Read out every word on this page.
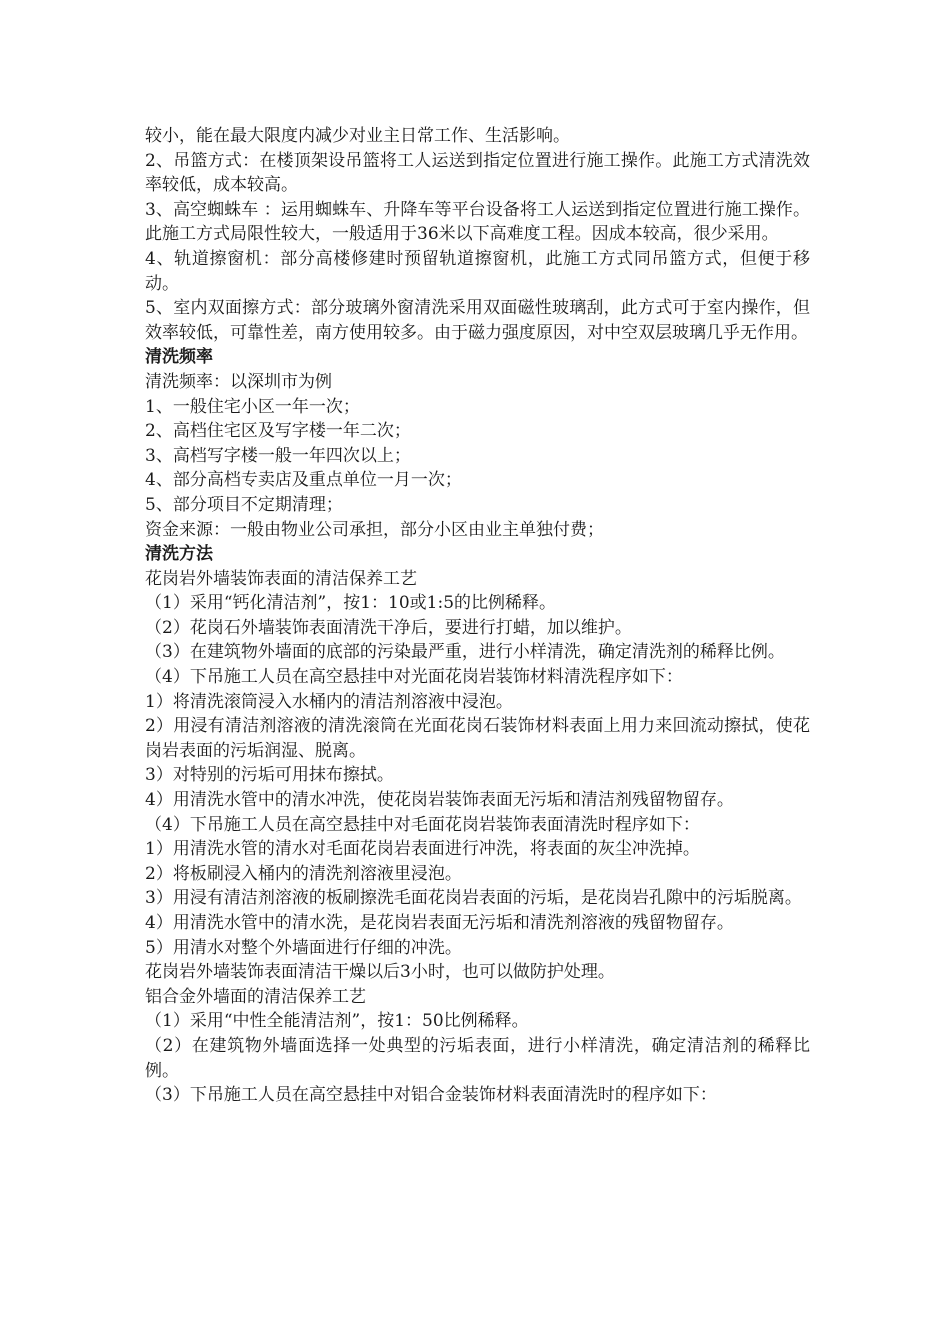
较小，能在最大限度内减少对业主日常工作、生活影响。

2、吊篮方式：在楼顶架设吊篮将工人运送到指定位置进行施工操作。此施工方式清洗效率较低，成本较高。

3、高空蜘蛛车 ：运用蜘蛛车、升降车等平台设备将工人运送到指定位置进行施工操作。此施工方式局限性较大，一般适用于36米以下高难度工程。因成本较高，很少采用。

4、轨道擦窗机：部分高楼修建时预留轨道擦窗机，此施工方式同吊篮方式，但便于移动。

5、室内双面擦方式：部分玻璃外窗清洗采用双面磁性玻璃刮，此方式可于室内操作，但效率较低，可靠性差，南方使用较多。由于磁力强度原因，对中空双层玻璃几乎无作用。

清洗频率

清洗频率：以深圳市为例

1、一般住宅小区一年一次；

2、高档住宅区及写字楼一年二次；

3、高档写字楼一般一年四次以上；

4、部分高档专卖店及重点单位一月一次；

5、部分项目不定期清理；

资金来源：一般由物业公司承担，部分小区由业主单独付费；

清洗方法

花岗岩外墙装饰表面的清洁保养工艺

（1）采用“钙化清洁剂”，按1：10或1:5的比例稀释。

（2）花岗石外墙装饰表面清洗干净后，要进行打蜡，加以维护。

（3）在建筑物外墙面的底部的污染最严重，进行小样清洗，确定清洗剂的稀释比例。

（4）下吊施工人员在高空悬挂中对光面花岗岩装饰材料清洗程序如下：

1）将清洗滚筒浸入水桶内的清洁剂溶液中浸泡。

2）用浸有清洁剂溶液的清洗滚筒在光面花岗石装饰材料表面上用力来回流动擦拭，使花岗岩表面的污垢润湿、脱离。

3）对特别的污垢可用抹布擦拭。

4）用清洗水管中的清水冲洗，使花岗岩装饰表面无污垢和清洁剂残留物留存。

（4）下吊施工人员在高空悬挂中对毛面花岗岩装饰表面清洗时程序如下：

1）用清洗水管的清水对毛面花岗岩表面进行冲洗，将表面的灰尘冲洗掉。

2）将板刷浸入桶内的清洗剂溶液里浸泡。

3）用浸有清洁剂溶液的板刷擦洗毛面花岗岩表面的污垢，是花岗岩孔隙中的污垢脱离。

4）用清洗水管中的清水洗，是花岗岩表面无污垢和清洗剂溶液的残留物留存。

5）用清水对整个外墙面进行仔细的冲洗。

花岗岩外墙装饰表面清洁干燥以后3小时，也可以做防护处理。

铝合金外墙面的清洁保养工艺

（1）采用“中性全能清洁剂”，按1：50比例稀释。

（2）在建筑物外墙面选择一处典型的污垢表面，进行小样清洗，确定清洁剂的稀释比例。

（3）下吊施工人员在高空悬挂中对铝合金装饰材料表面清洗时的程序如下：
